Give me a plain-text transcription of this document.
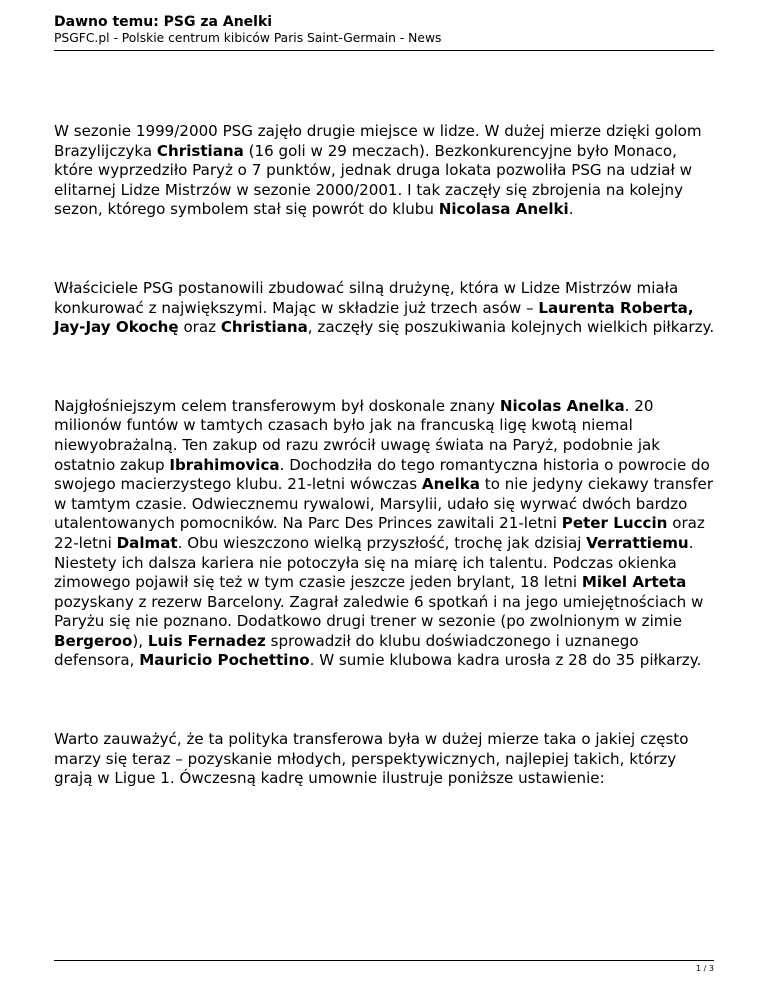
Dawno temu: PSG za Anelki
PSGFC.pl - Polskie centrum kibiców Paris Saint-Germain - News

W sezonie 1999/2000 PSG zajęło drugie miejsce w lidze. W dużej mierze dzięki golom Brazylijczyka Christiana (16 goli w 29 meczach). Bezkonkurencyjne było Monaco, które wyprzedziło Paryż o 7 punktów, jednak druga lokata pozwoliła PSG na udział w elitarnej Lidze Mistrzów w sezonie 2000/2001. I tak zaczęły się zbrojenia na kolejny sezon, którego symbolem stał się powrót do klubu Nicolasa Anelki.

Właściciele PSG postanowili zbudować silną drużynę, która w Lidze Mistrzów miała konkurować z największymi. Mając w składzie już trzech asów – Laurenta Roberta, Jay-Jay Okochę oraz Christiana, zaczęły się poszukiwania kolejnych wielkich piłkarzy.

Najgłośniejszym celem transferowym był doskonale znany Nicolas Anelka. 20 milionów funtów w tamtych czasach było jak na francuską ligę kwotą niemal niewyobrażalną. Ten zakup od razu zwrócił uwagę świata na Paryż, podobnie jak ostatnio zakup Ibrahimovica. Dochodziła do tego romantyczna historia o powrocie do swojego macierzystego klubu. 21-letni wówczas Anelka to nie jedyny ciekawy transfer w tamtym czasie. Odwiecznemu rywalowi, Marsylii, udało się wyrwać dwóch bardzo utalentowanych pomocników. Na Parc Des Princes zawitali 21-letni Peter Luccin oraz 22-letni Dalmat. Obu wieszczono wielką przyszłość, trochę jak dzisiaj Verrattiemu. Niestety ich dalsza kariera nie potoczyła się na miarę ich talentu. Podczas okienka zimowego pojawił się też w tym czasie jeszcze jeden brylant, 18 letni Mikel Arteta pozyskany z rezerw Barcelony. Zagrał zaledwie 6 spotkań i na jego umiejętnościach w Paryżu się nie poznano. Dodatkowo drugi trener w sezonie (po zwolnionym w zimie Bergeroo), Luis Fernadez sprowadził do klubu doświadczonego i uznanego defensora, Mauricio Pochettino. W sumie klubowa kadra urosła z 28 do 35 piłkarzy.

Warto zauważyć, że ta polityka transferowa była w dużej mierze taka o jakiej często marzy się teraz – pozyskanie młodych, perspektywicznych, najlepiej takich, którzy grają w Ligue 1. Ówczesną kadrę umownie ilustruje poniższe ustawienie:

1 / 3
